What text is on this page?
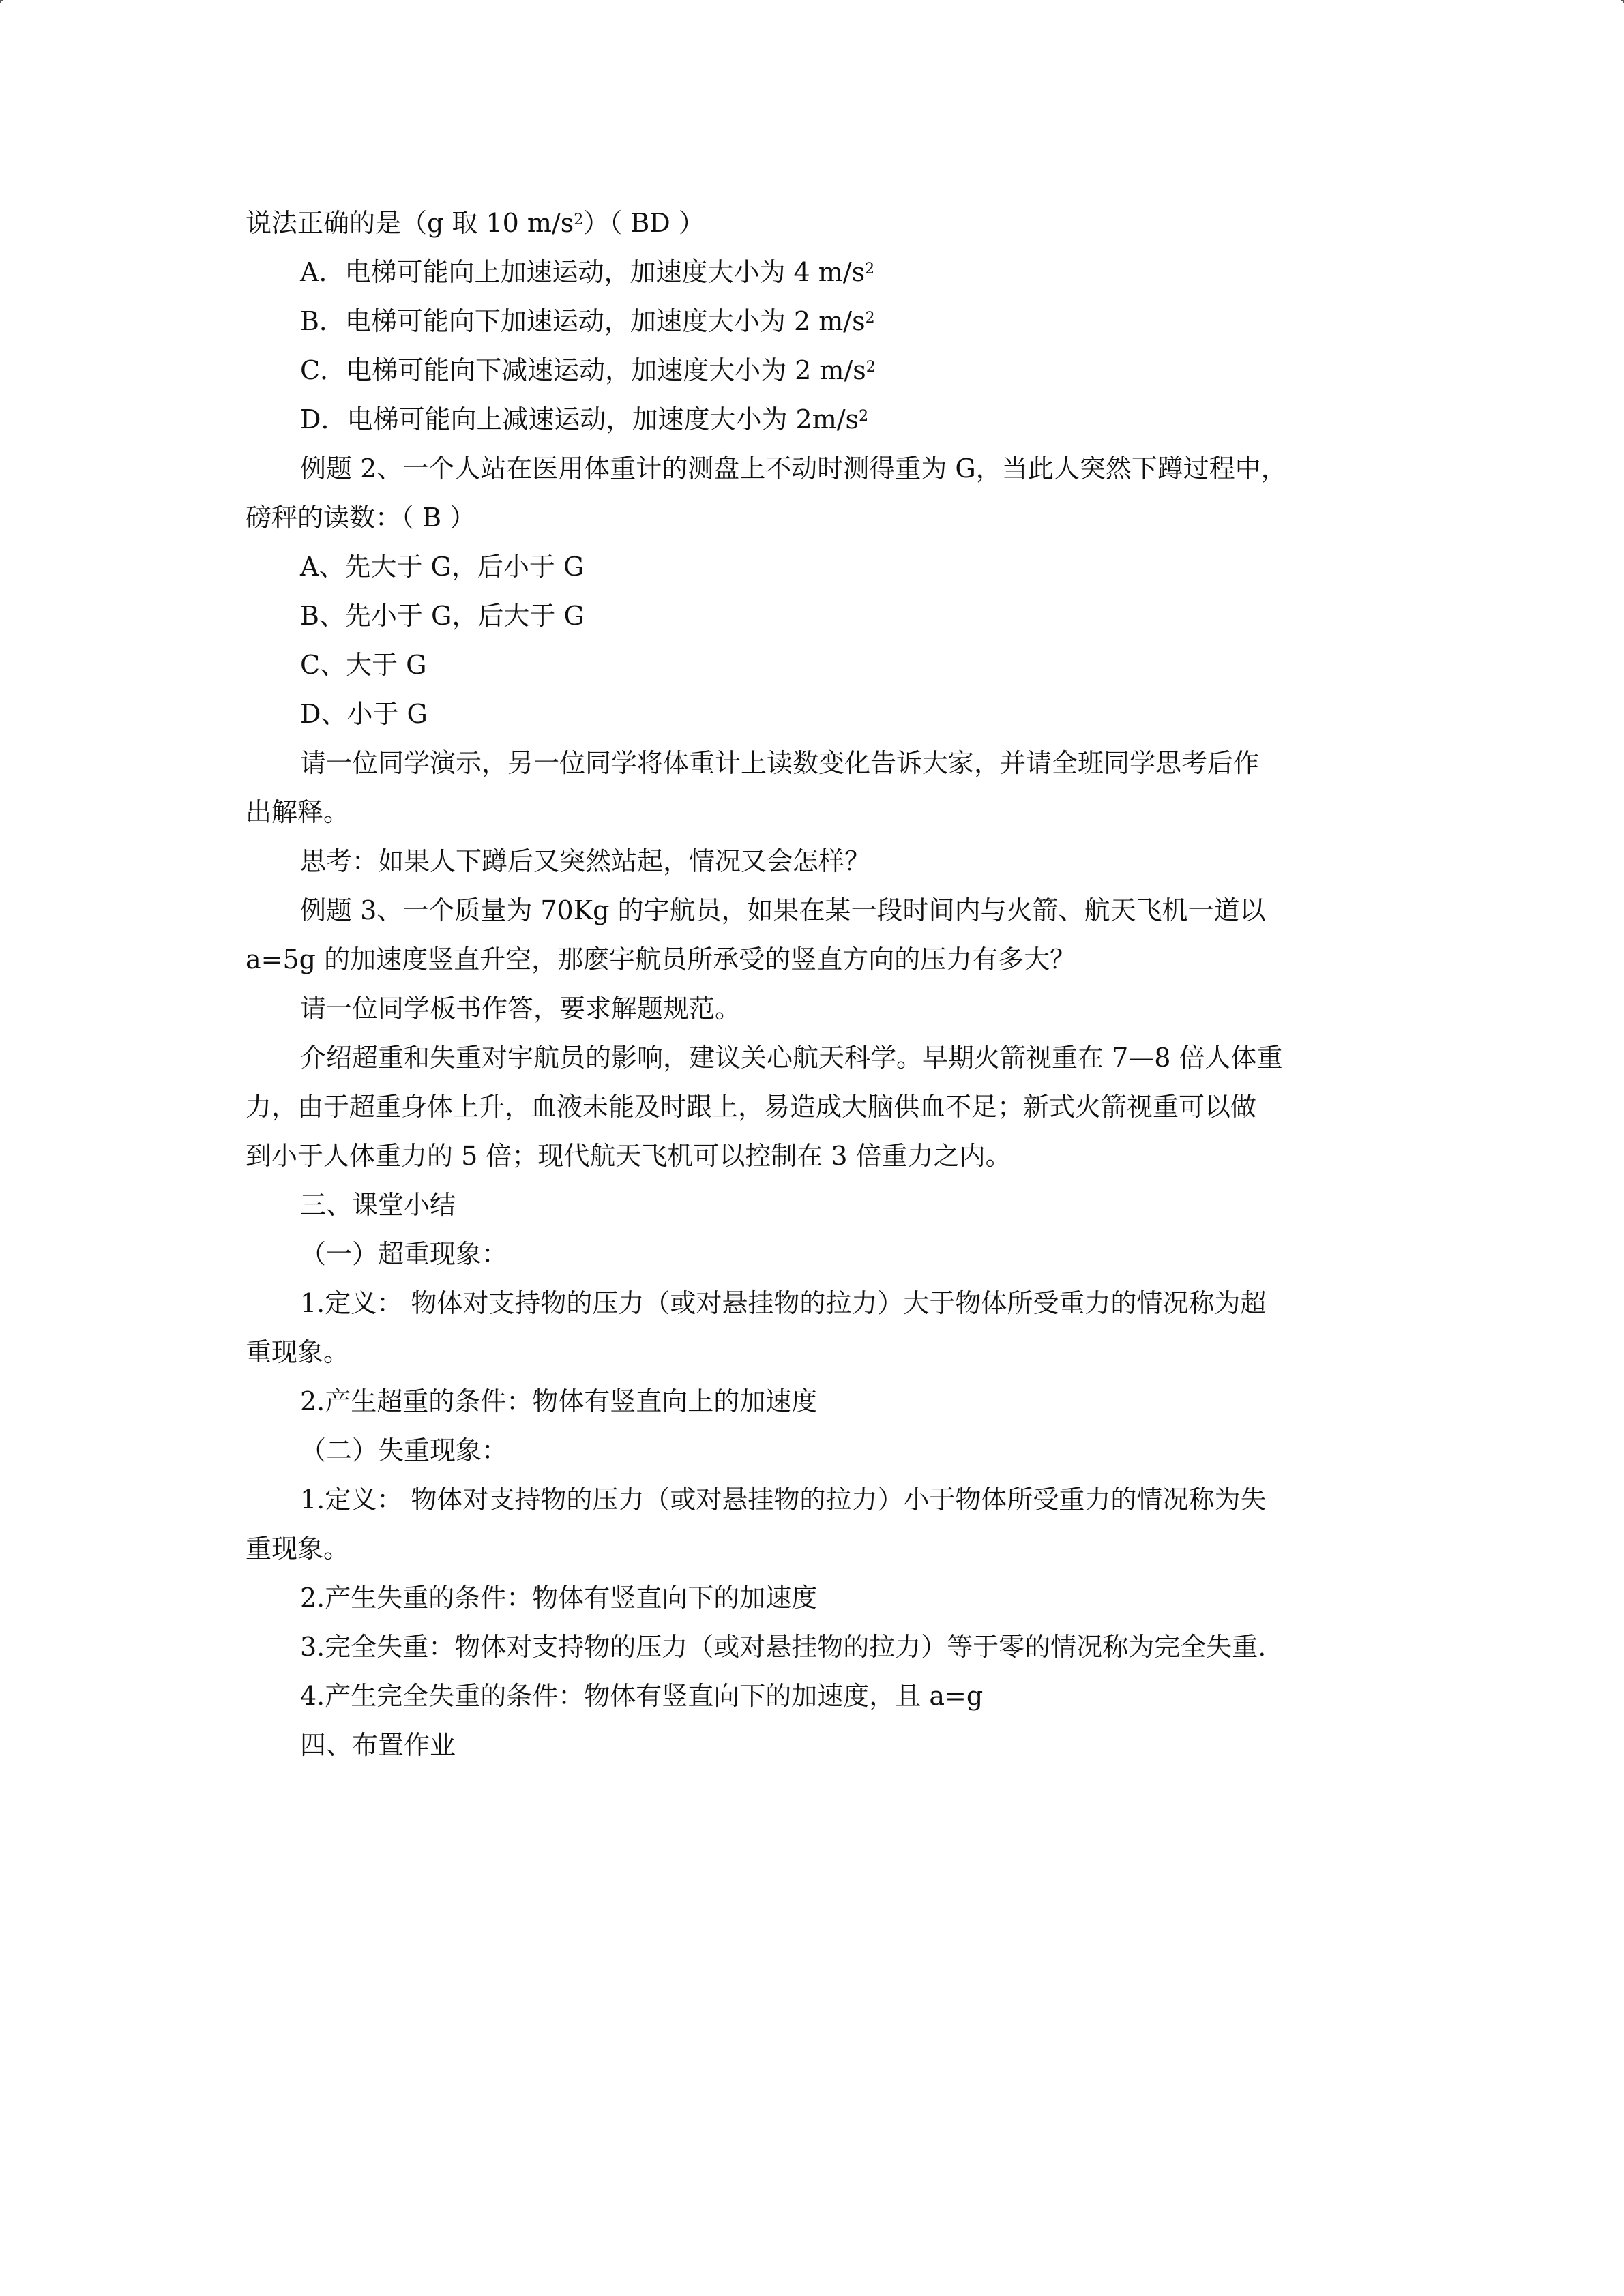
说法正确的是（g 取 10 $m/s^2$）（ BD ）
A．电梯可能向上加速运动，加速度大小为 4 $m/s^2$
B．电梯可能向下加速运动，加速度大小为 2 $m/s^2$
C．电梯可能向下减速运动，加速度大小为 2 $m/s^2$
D．电梯可能向上减速运动，加速度大小为 $2m/s^2$
例题 2、一个人站在医用体重计的测盘上不动时测得重为 G，当此人突然下蹲过程中，
磅秤的读数：（ B ）
A、先大于 G，后小于 G
B、先小于 G，后大于 G
C、大于 G
D、小于 G
请一位同学演示，另一位同学将体重计上读数变化告诉大家，并请全班同学思考后作
出解释。
思考：如果人下蹲后又突然站起，情况又会怎样？
例题 3、一个质量为 70Kg 的宇航员，如果在某一段时间内与火箭、航天飞机一道以
a=5g 的加速度竖直升空，那麽宇航员所承受的竖直方向的压力有多大？
请一位同学板书作答，要求解题规范。
介绍超重和失重对宇航员的影响，建议关心航天科学。早期火箭视重在 7—8 倍人体重
力，由于超重身体上升，血液未能及时跟上，易造成大脑供血不足；新式火箭视重可以做
到小于人体重力的 5 倍；现代航天飞机可以控制在 3 倍重力之内。
三、课堂小结
（一）超重现象：
1.定义： 物体对支持物的压力（或对悬挂物的拉力）大于物体所受重力的情况称为超
重现象。
2.产生超重的条件：物体有竖直向上的加速度
（二）失重现象：
1.定义： 物体对支持物的压力（或对悬挂物的拉力）小于物体所受重力的情况称为失
重现象。
2.产生失重的条件：物体有竖直向下的加速度
3.完全失重：物体对支持物的压力（或对悬挂物的拉力）等于零的情况称为完全失重.
4.产生完全失重的条件：物体有竖直向下的加速度，且 a=g
四、布置作业
